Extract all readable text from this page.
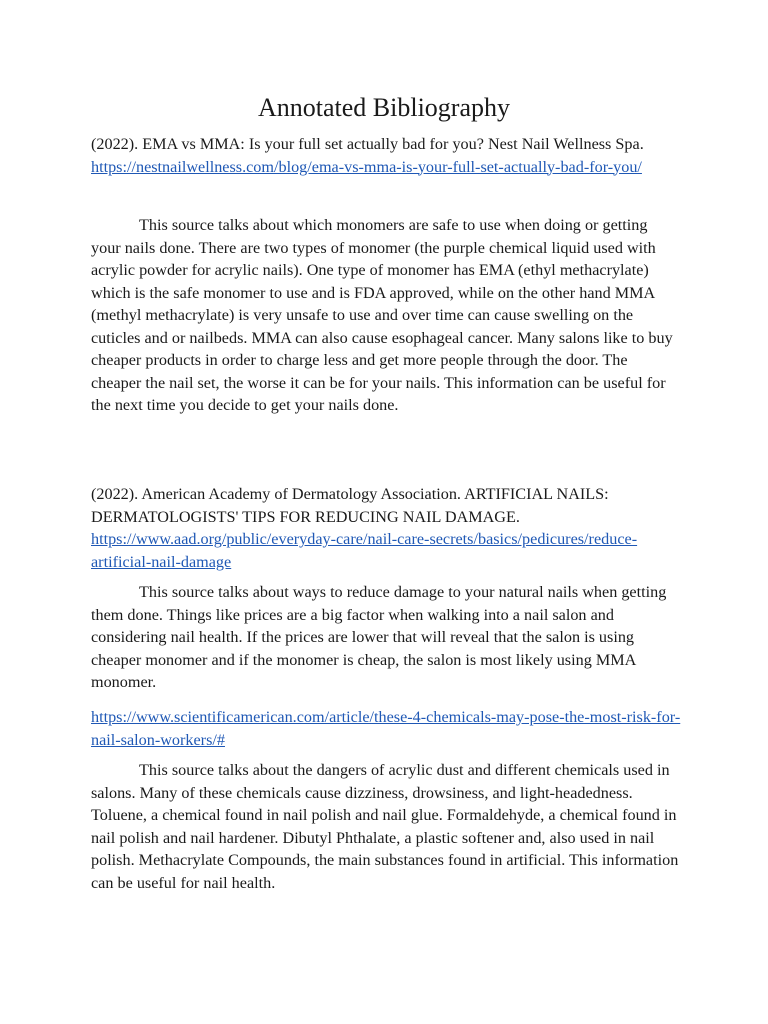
Annotated Bibliography

(2022). EMA vs MMA: Is your full set actually bad for you? Nest Nail Wellness Spa. https://nestnailwellness.com/blog/ema-vs-mma-is-your-full-set-actually-bad-for-you/

This source talks about which monomers are safe to use when doing or getting your nails done. There are two types of monomer (the purple chemical liquid used with acrylic powder for acrylic nails). One type of monomer has EMA (ethyl methacrylate) which is the safe monomer to use and is FDA approved, while on the other hand MMA (methyl methacrylate) is very unsafe to use and over time can cause swelling on the cuticles and or nailbeds. MMA can also cause esophageal cancer. Many salons like to buy cheaper products in order to charge less and get more people through the door. The cheaper the nail set, the worse it can be for your nails. This information can be useful for the next time you decide to get your nails done.

(2022). American Academy of Dermatology Association. ARTIFICIAL NAILS: DERMATOLOGISTS' TIPS FOR REDUCING NAIL DAMAGE. https://www.aad.org/public/everyday-care/nail-care-secrets/basics/pedicures/reduce-artificial-nail-damage

This source talks about ways to reduce damage to your natural nails when getting them done. Things like prices are a big factor when walking into a nail salon and considering nail health. If the prices are lower that will reveal that the salon is using cheaper monomer and if the monomer is cheap, the salon is most likely using MMA monomer.

https://www.scientificamerican.com/article/these-4-chemicals-may-pose-the-most-risk-for-nail-salon-workers/#

This source talks about the dangers of acrylic dust and different chemicals used in salons. Many of these chemicals cause dizziness, drowsiness, and light-headedness. Toluene, a chemical found in nail polish and nail glue. Formaldehyde, a chemical found in nail polish and nail hardener. Dibutyl Phthalate, a plastic softener and, also used in nail polish. Methacrylate Compounds, the main substances found in artificial. This information can be useful for nail health.
